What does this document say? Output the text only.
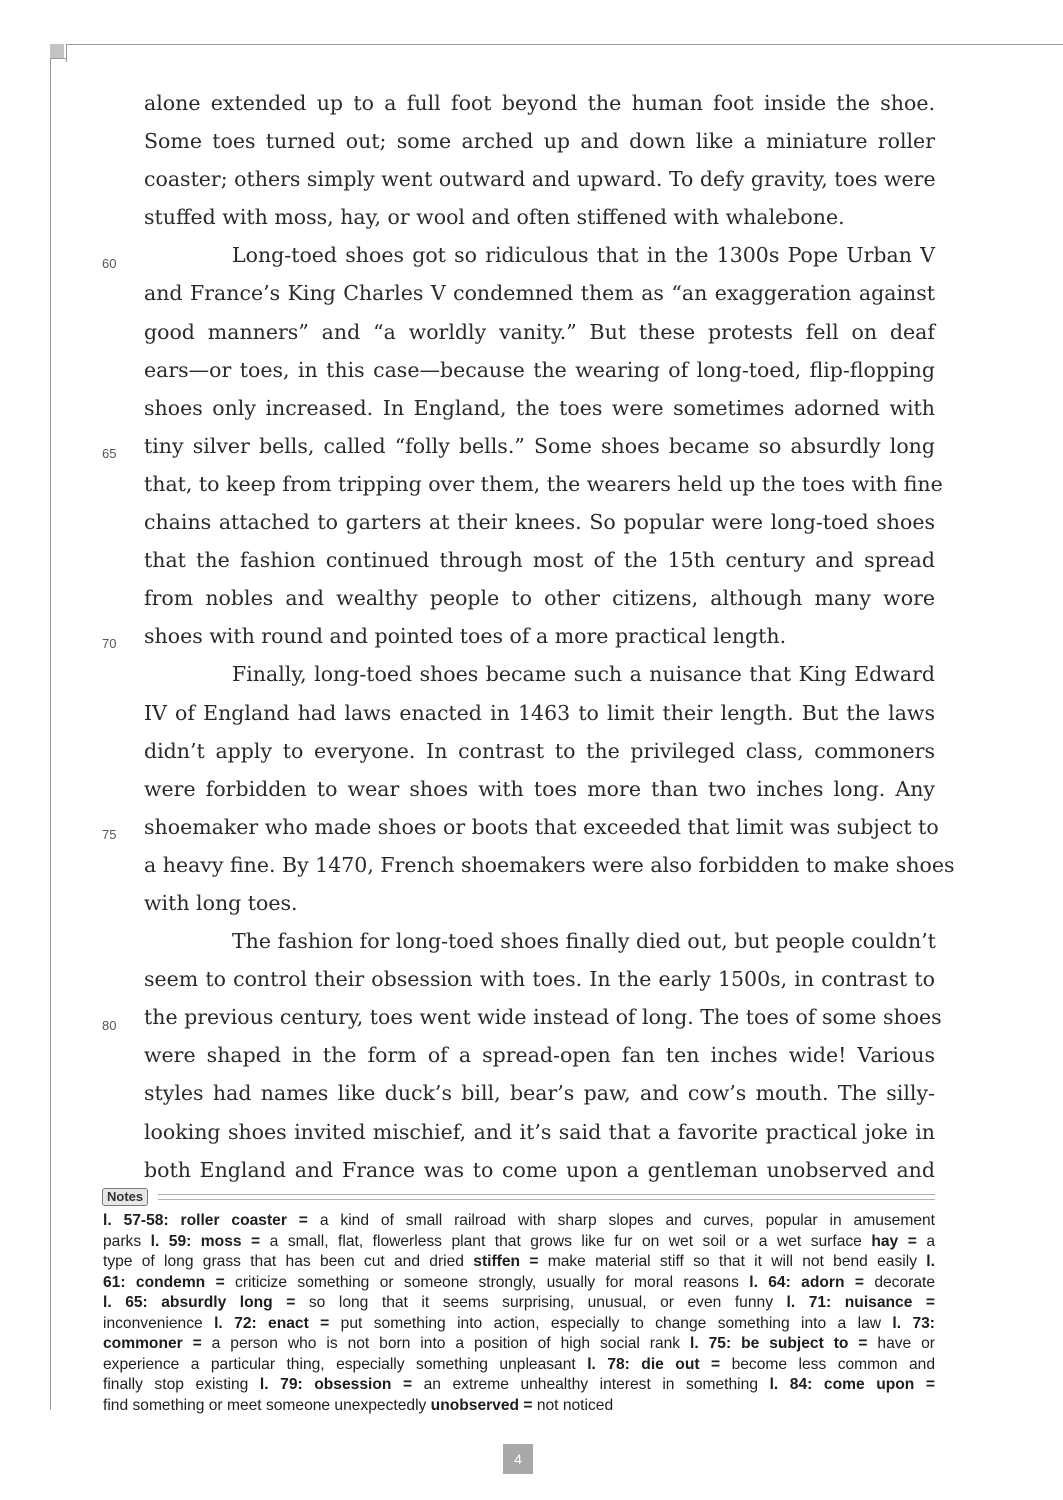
60
65
70
75
80
alone extended up to a full foot beyond the human foot inside the shoe.
Some toes turned out; some arched up and down like a miniature roller
coaster; others simply went outward and upward. To defy gravity, toes were
stuffed with moss, hay, or wool and often stiffened with whalebone.
Long-toed shoes got so ridiculous that in the 1300s Pope Urban V
and France’s King Charles V condemned them as “an exaggeration against
good manners” and “a worldly vanity.” But these protests fell on deaf
ears—or toes, in this case—because the wearing of long-toed, flip-flopping
shoes only increased. In England, the toes were sometimes adorned with
tiny silver bells, called “folly bells.” Some shoes became so absurdly long
that, to keep from tripping over them, the wearers held up the toes with fine
chains attached to garters at their knees. So popular were long-toed shoes
that the fashion continued through most of the 15th century and spread
from nobles and wealthy people to other citizens, although many wore
shoes with round and pointed toes of a more practical length.
Finally, long-toed shoes became such a nuisance that King Edward
IV of England had laws enacted in 1463 to limit their length. But the laws
didn’t apply to everyone. In contrast to the privileged class, commoners
were forbidden to wear shoes with toes more than two inches long. Any
shoemaker who made shoes or boots that exceeded that limit was subject to
a heavy fine. By 1470, French shoemakers were also forbidden to make shoes
with long toes.
The fashion for long-toed shoes finally died out, but people couldn’t
seem to control their obsession with toes. In the early 1500s, in contrast to
the previous century, toes went wide instead of long. The toes of some shoes
were shaped in the form of a spread-open fan ten inches wide! Various
styles had names like duck’s bill, bear’s paw, and cow’s mouth. The silly-
looking shoes invited mischief, and it’s said that a favorite practical joke in
both England and France was to come upon a gentleman unobserved and
Notes
l. 57-58: roller coaster = a kind of small railroad with sharp slopes and curves, popular in amusement
parks l. 59: moss = a small, flat, flowerless plant that grows like fur on wet soil or a wet surface hay = a
type of long grass that has been cut and dried stiffen = make material stiff so that it will not bend easily l.
61: condemn = criticize something or someone strongly, usually for moral reasons l. 64: adorn = decorate
l. 65: absurdly long = so long that it seems surprising, unusual, or even funny l. 71: nuisance =
inconvenience l. 72: enact = put something into action, especially to change something into a law l. 73:
commoner = a person who is not born into a position of high social rank l. 75: be subject to = have or
experience a particular thing, especially something unpleasant l. 78: die out = become less common and
finally stop existing l. 79: obsession = an extreme unhealthy interest in something l. 84: come upon =
find something or meet someone unexpectedly unobserved = not noticed
4
